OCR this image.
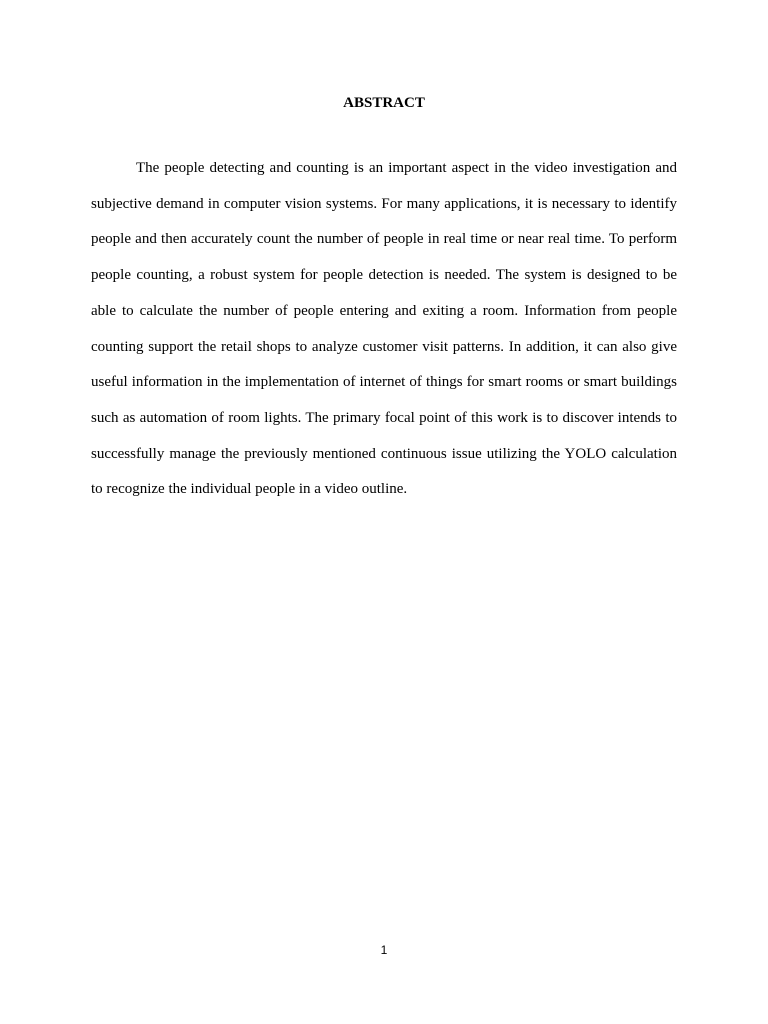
ABSTRACT

The people detecting and counting is an important aspect in the video investigation and subjective demand in computer vision systems. For many applications, it is necessary to identify people and then accurately count the number of people in real time or near real time. To perform people counting, a robust system for people detection is needed. The system is designed to be able to calculate the number of people entering and exiting a room. Information from people counting support the retail shops to analyze customer visit patterns. In addition, it can also give useful information in the implementation of internet of things for smart rooms or smart buildings such as automation of room lights. The primary focal point of this work is to discover intends to successfully manage the previously mentioned continuous issue utilizing the YOLO calculation to recognize the individual people in a video outline.

1
